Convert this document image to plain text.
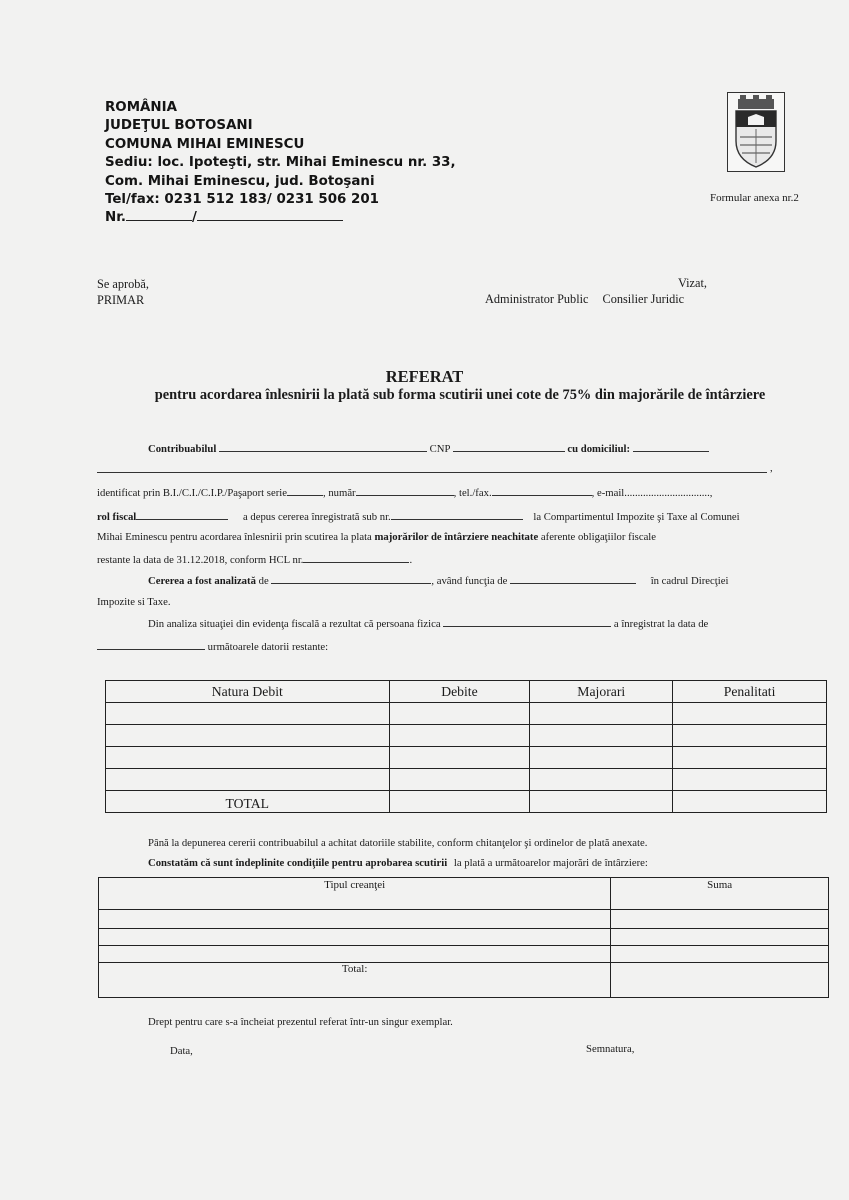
ROMÂNIA
JUDEŢUL BOTOSANI
COMUNA MIHAI EMINESCU
Sediu: loc. Ipoteşti, str. Mihai Eminescu nr. 33,
Com. Mihai Eminescu, jud. Botoşani
Tel/fax: 0231 512 183/ 0231 506 201
Nr.	/
Formular anexa nr.2
Se aprobă,
PRIMAR
Vizat,
Administrator Public Consilier Juridic
REFERAT
pentru acordarea înlesnirii la plată sub forma scutirii unei cote de 75% din majorările de întârziere
Contribuabilul	CNP	cu domiciliul:
,
identificat prin B.I./C.I./C.I.P./Paşaport serie	, număr	, tel./fax.	, e-mail................................,
rol fiscal	a depus cererea înregistrată sub nr.	la Compartimentul Impozite şi Taxe al Comunei
Mihai Eminescu pentru acordarea înlesnirii prin scutirea la plata majorărilor de întârziere neachitate aferente obligaţiilor fiscale
restante la data de 31.12.2018, conform HCL nr.	.
Cererea a fost analizată de	, având funcţia de	în cadrul Direcţiei
Impozite si Taxe.
Din analiza situaţiei din evidenţa fiscală a rezultat că persoana fizica	a înregistrat la data de
următoarele datorii restante:
Natura Debit	Debite	Majorari	Penalitati

TOTAL			
Până la depunerea cererii contribuabilul a achitat datoriile stabilite, conform chitanţelor şi ordinelor de plată anexate.
Constatăm că sunt îndeplinite condiţiile pentru aprobarea scutirii la plată a următoarelor majorări de întârziere:
Tipul creanţei	Suma

Total:	
Drept pentru care s-a încheiat prezentul referat într-un singur exemplar.
Data,	Semnatura,
